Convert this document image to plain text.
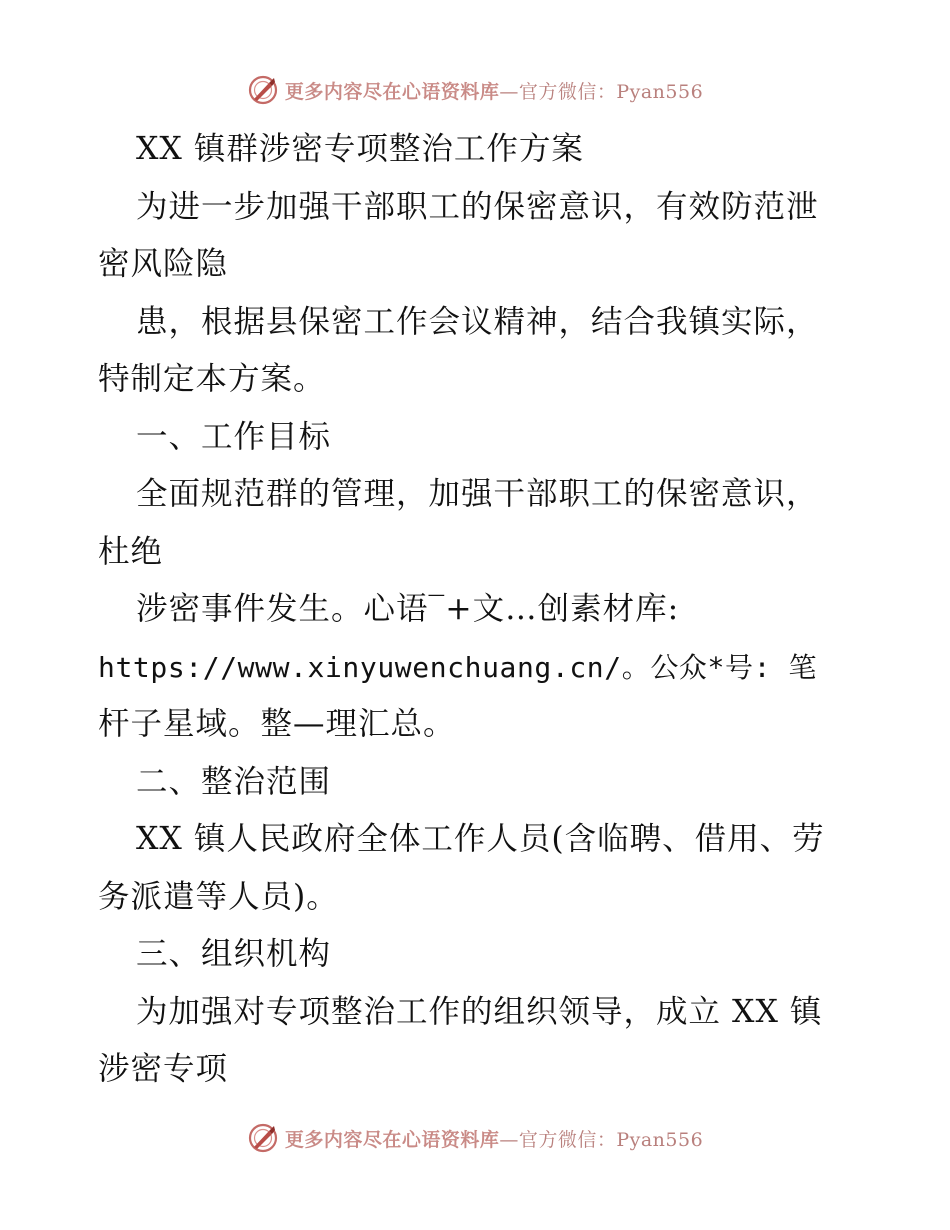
更多内容尽在心语资料库—官方微信：Pyan556
XX 镇群涉密专项整治工作方案
为进一步加强干部职工的保密意识，有效防范泄
密风险隐
患，根据县保密工作会议精神，结合我镇实际，
特制定本方案。
一、工作目标
全面规范群的管理，加强干部职工的保密意识，
杜绝
涉密事件发生。心语‾+文…创素材库:
https://www.xinyuwenchuang.cn/。公众*号: 笔
杆子星域。整—理汇总。
二、整治范围
XX 镇人民政府全体工作人员(含临聘、借用、劳
务派遣等人员)。
三、组织机构
为加强对专项整治工作的组织领导，成立 XX 镇
涉密专项
更多内容尽在心语资料库—官方微信：Pyan556
